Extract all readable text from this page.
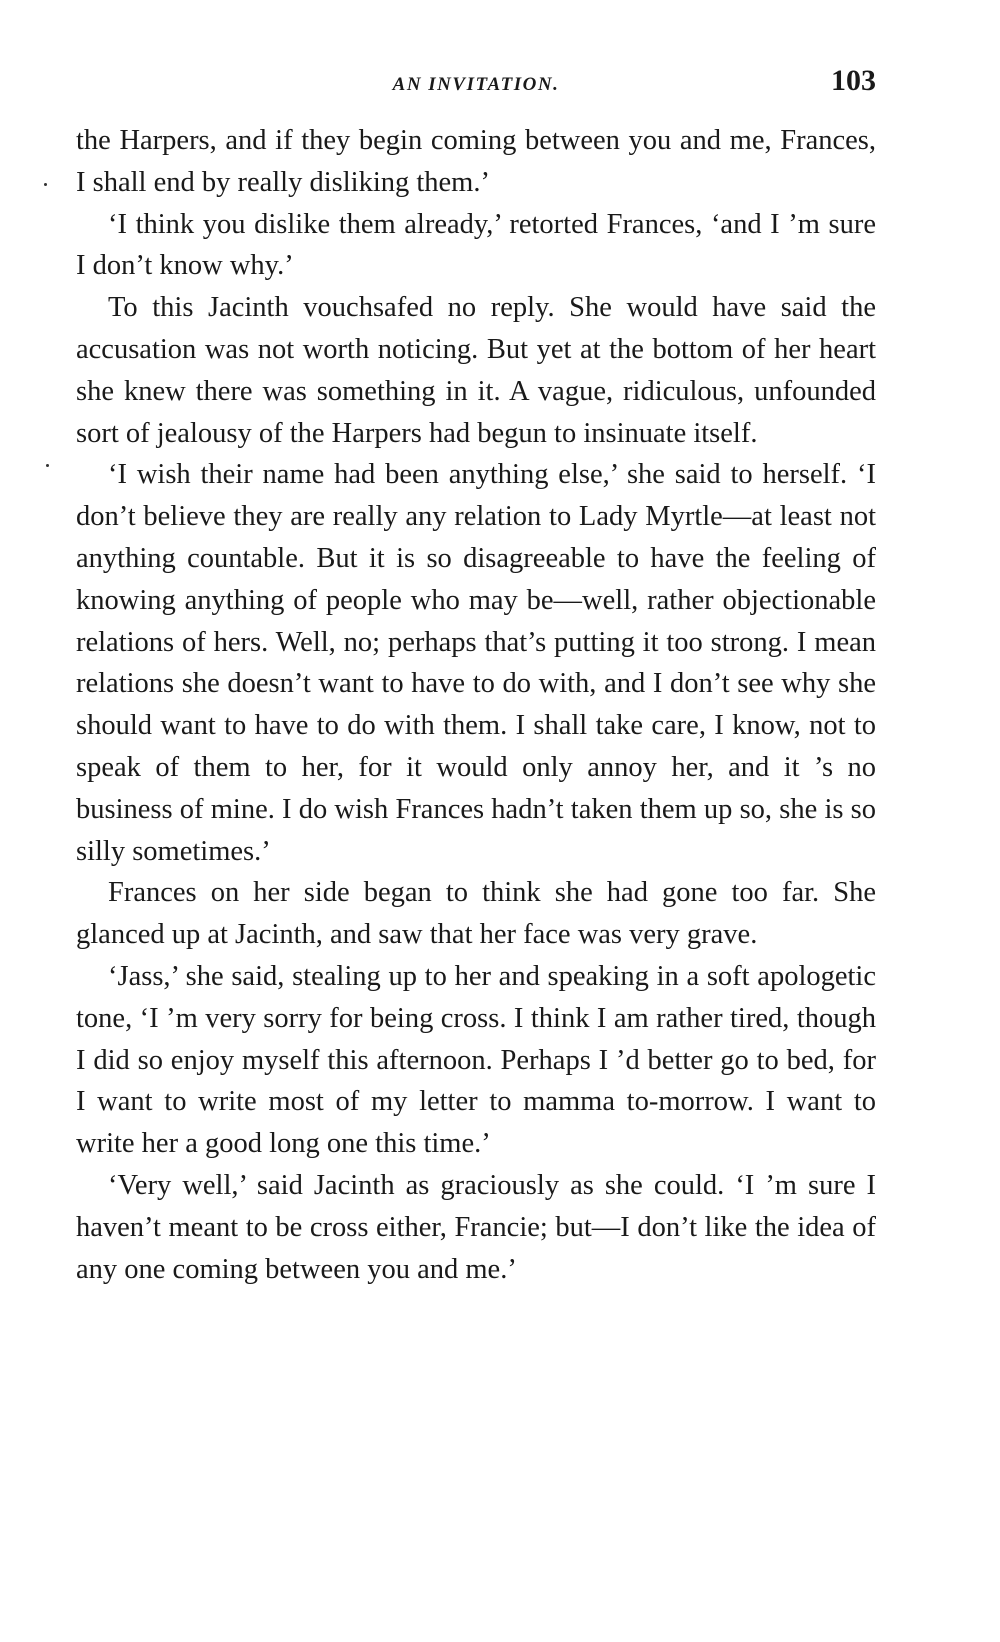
AN INVITATION.	103

the Harpers, and if they begin coming between you and me, Frances, I shall end by really disliking them.’

‘I think you dislike them already,’ retorted Frances, ‘and I ’m sure I don’t know why.’

To this Jacinth vouchsafed no reply. She would have said the accusation was not worth noticing. But yet at the bottom of her heart she knew there was something in it. A vague, ridiculous, unfounded sort of jealousy of the Harpers had begun to insinuate itself.

‘I wish their name had been anything else,’ she said to herself. ‘I don’t believe they are really any relation to Lady Myrtle—at least not anything countable. But it is so disagreeable to have the feeling of knowing anything of people who may be—well, rather objectionable relations of hers. Well, no; perhaps that’s putting it too strong. I mean relations she doesn’t want to have to do with, and I don’t see why she should want to have to do with them. I shall take care, I know, not to speak of them to her, for it would only annoy her, and it ’s no business of mine. I do wish Frances hadn’t taken them up so, she is so silly sometimes.’

Frances on her side began to think she had gone too far. She glanced up at Jacinth, and saw that her face was very grave.

‘Jass,’ she said, stealing up to her and speaking in a soft apologetic tone, ‘I ’m very sorry for being cross. I think I am rather tired, though I did so enjoy myself this afternoon. Perhaps I ’d better go to bed, for I want to write most of my letter to mamma to-morrow. I want to write her a good long one this time.’

‘Very well,’ said Jacinth as graciously as she could. ‘I ’m sure I haven’t meant to be cross either, Francie; but—I don’t like the idea of any one coming between you and me.’
